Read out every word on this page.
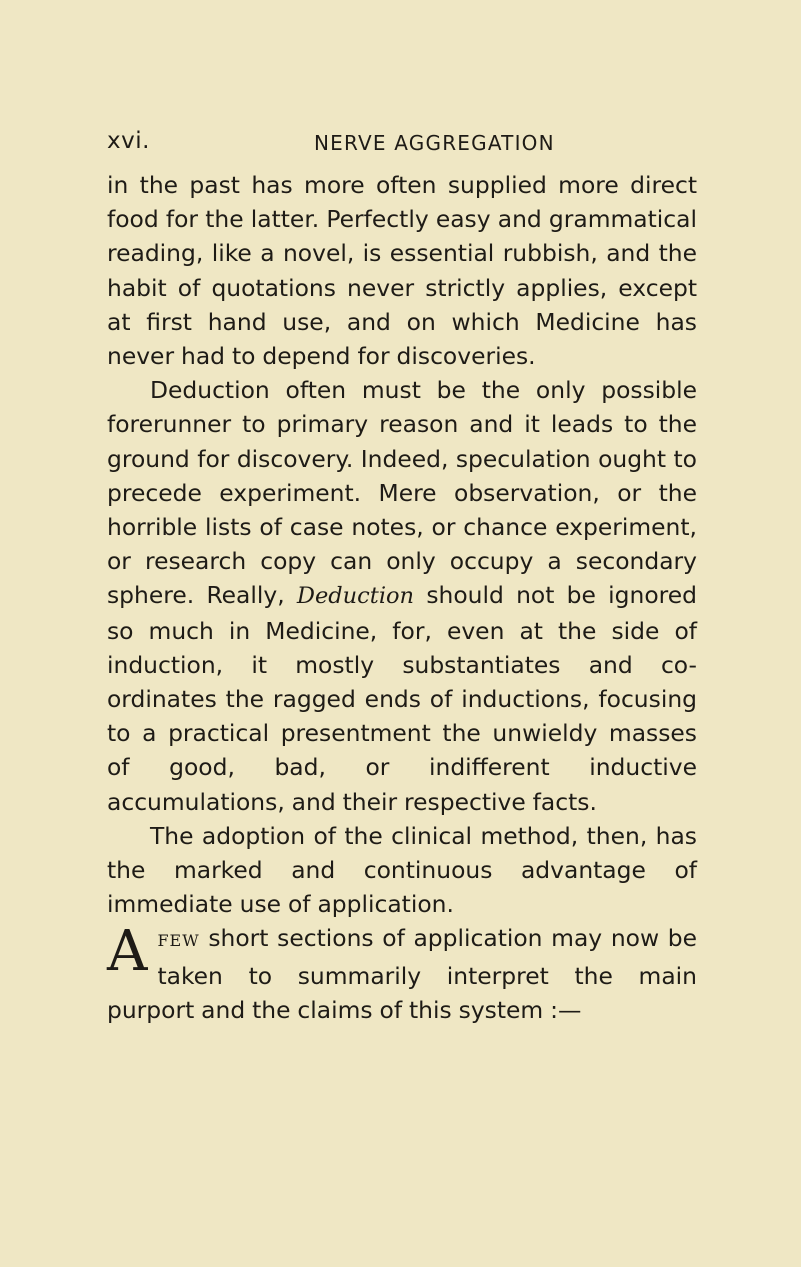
xvi.	NERVE AGGREGATION

in the past has more often supplied more direct food for the latter. Perfectly easy and grammatical reading, like a novel, is essential rubbish, and the habit of quotations never strictly applies, except at first hand use, and on which Medicine has never had to depend for discoveries.

Deduction often must be the only possible forerunner to primary reason and it leads to the ground for discovery. Indeed, speculation ought to precede experiment. Mere observation, or the horrible lists of case notes, or chance experiment, or research copy can only occupy a secondary sphere. Really, Deduction should not be ignored so much in Medicine, for, even at the side of induction, it mostly substantiates and co-ordinates the ragged ends of inductions, focusing to a practical presentment the unwieldy masses of good, bad, or indifferent inductive accumulations, and their respective facts.

The adoption of the clinical method, then, has the marked and continuous advantage of immediate use of application.

AFEW short sections of application may now be taken to summarily interpret the main purport and the claims of this system :—
